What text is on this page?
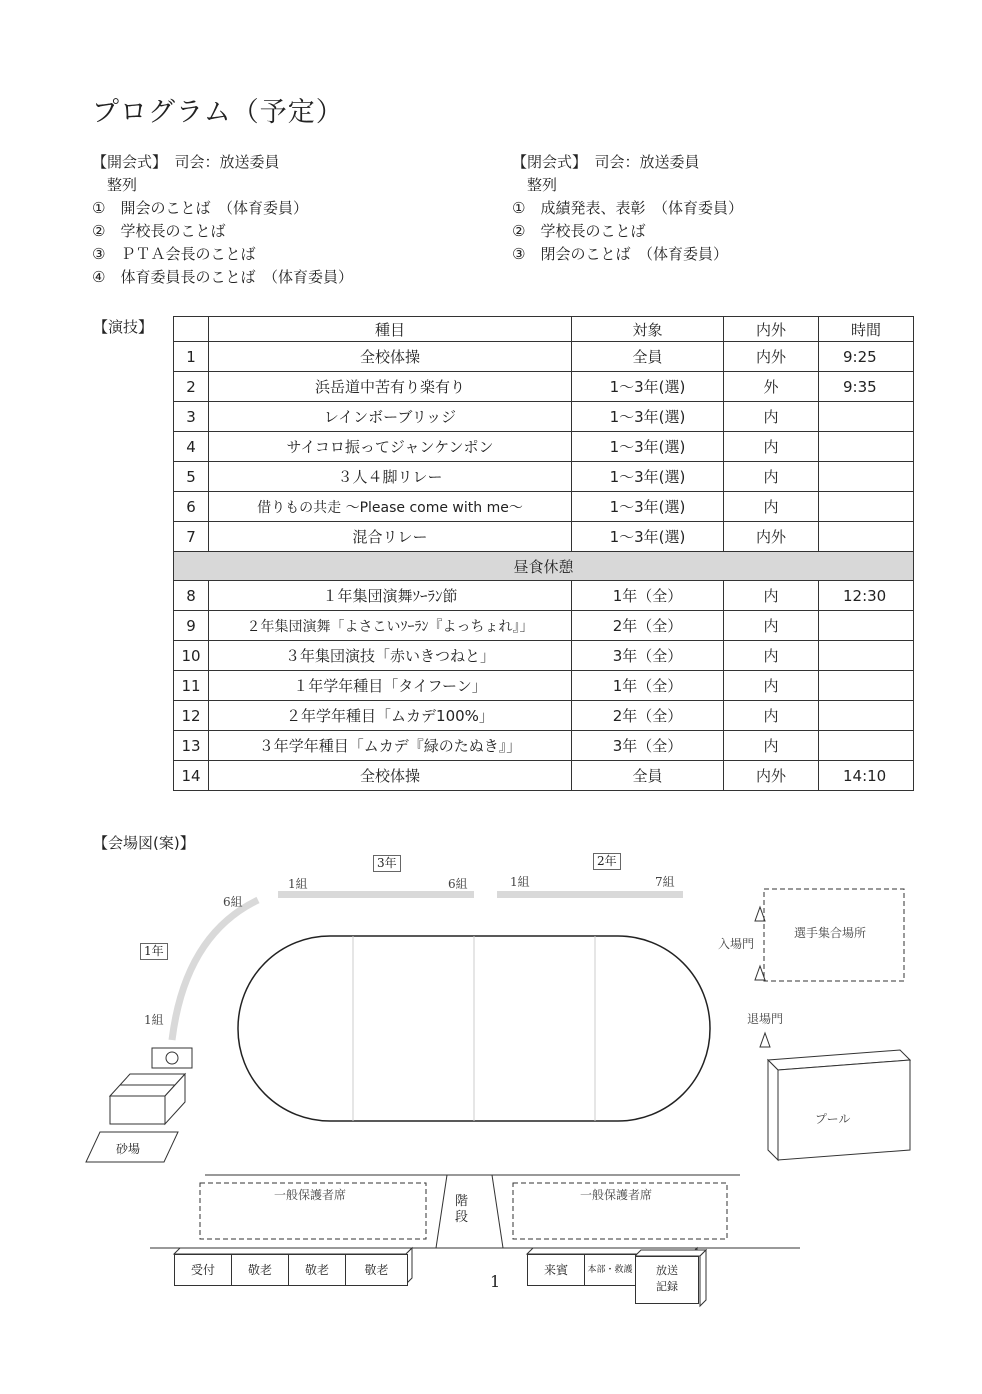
プログラム（予定）
【開会式】　 司会：放送委員
整列
①　開会のことば　（体育委員）
②　学校長のことば
③　ＰＴＡ会長のことば
④　体育委員長のことば　（体育委員）
【閉会式】　 司会：放送委員
整列
①　成績発表、表彰　（体育委員）
②　学校長のことば
③　閉会のことば　（体育委員）
【演技】
		種目	対象	内外	時間
1	全校体操	全員	内外	9:25
2	浜岳道中苦有り楽有り	1～3年(選)	外	9:35
3	レインボーブリッジ	1～3年(選)	内	
4	サイコロ振ってジャンケンポン	1～3年(選)	内	
5	３人４脚リレー	1～3年(選)	内	
6	借りもの共走 ～Please come with me～	1～3年(選)	内	
7	混合リレー	1～3年(選)	内外	
昼食休憩				
8	１年集団演舞ｿｰﾗﾝ節	1年（全）	内	12:30
9	２年集団演舞「よさこいｿｰﾗﾝ『よっちょれ』」	2年（全）	内	
10	３年集団演技「赤いきつねと」	3年（全）	内	
11	１年学年種目「タイフーン」	1年（全）	内	
12	２年学年種目「ムカデ100%」	2年（全）	内	
13	３年学年種目「ムカデ『緑のたぬき』」	3年（全）	内	
14	全校体操	全員	内外	14:10
【会場図(案)】
3年	2年
1年
1組	6組	1組	7組
6組
1組
選手集合場所
入場門
退場門
プール
砂場
一般保護者席	一般保護者席
階段
受付	敬老	敬老	敬老	来賓	本部・救護	放送記録
1
